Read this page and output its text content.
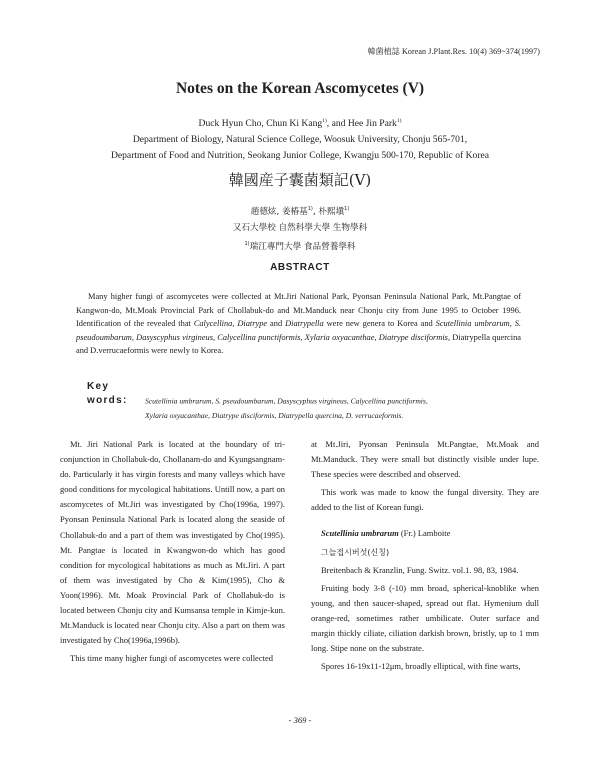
韓菌植誌 Korean J.Plant.Res. 10(4) 369~374(1997)
Notes on the Korean Ascomycetes (V)
Duck Hyun Cho, Chun Ki Kang$^{1)}$, and Hee Jin Park$^{1)}$
Department of Biology, Natural Science College, Woosuk University, Chonju 565-701,
Department of Food and Nutrition, Seokang Junior College, Kwangju 500-170, Republic of Korea
韓國産子囊菌類記(V)
趙德炫, 姜椿基$^{1)}$, 朴熙塡$^{1)}$
又石大學校 自然科學大學 生物學科
$^{1)}$瑞江專門大學 食品營養學科
ABSTRACT
Many higher fungi of ascomycetes were collected at Mt.Jiri National Park, Pyonsan Peninsula National Park, Mt.Pangtae of Kangwon-do, Mt.Moak Provincial Park of Chollabuk-do and Mt.Manduck near Chonju city from June 1995 to October 1996. Identification of the revealed that Calycellina, Diatrype and Diatrypella were new genera to Korea and Scutellinia umbrarum, S. pseudoumbarum, Dasyscyphus virgineus, Calycellina punctiformis, Xylaria oxyacanthae, Diatrype disciformis, Diatrypella quercina and D.verrucaeformis were newly to Korea.
Key words: Scutellinia umbrarum, S. pseudoumbarum, Dasyscyphus virgineus, Calycellina punctiformis,
Xylaria oxyacanthae, Diatrype disciformis, Diatrypella quercina, D. verrucaeformis.

Mt. Jiri National Park is located at the boundary of tri-conjunction in Chollabuk-do, Chollanam-do and Kyungsangnam-do. Particularly it has virgin forests and many valleys which have good conditions for mycological habitations. Untill now, a part on ascomycetes of Mt.Jiri was investigated by Cho(1996a, 1997). Pyonsan Peninsula National Park is located along the seaside of Chollabuk-do and a part of them was investigated by Cho(1995). Mt. Pangtae is located in Kwangwon-do which has good condition for mycological habitations as much as Mt.Jiri. A part of them was investigated by Cho & Kim(1995), Cho & Yoon(1996). Mt. Moak Provincial Park of Chollabuk-do is located between Chonju city and Kumsansa temple in Kimje-kun. Mt.Manduck is located near Chonju city. Also a part on them was investigated by Cho(1996a,1996b).

This time many higher fungi of ascomycetes were collected

at Mt.Jiri, Pyonsan Peninsula Mt.Pangtae, Mt.Moak and Mt.Manduck. They were small but distinctly visible under lupe. These species were described and observed.

This work was made to know the fungal diversity. They are added to the list of Korean fungi.

Scutellinia umbrarum (Fr.) Lamboite

그늘접시버섯(신칭)

Breitenbach & Kranzlin, Fung. Switz. vol.1. 98, 83, 1984.

Fruiting body 3-8 (-10) mm broad, spherical-knoblike when young, and then saucer-shaped, spread out flat. Hymenium dull orange-red, sometimes rather umbilicate. Outer surface and margin thickly ciliate, ciliation darkish brown, bristly, up to 1 mm long. Stipe none on the substrate.

Spores 16-19x11-12μm, broadly elliptical, with fine warts,

- 369 -
